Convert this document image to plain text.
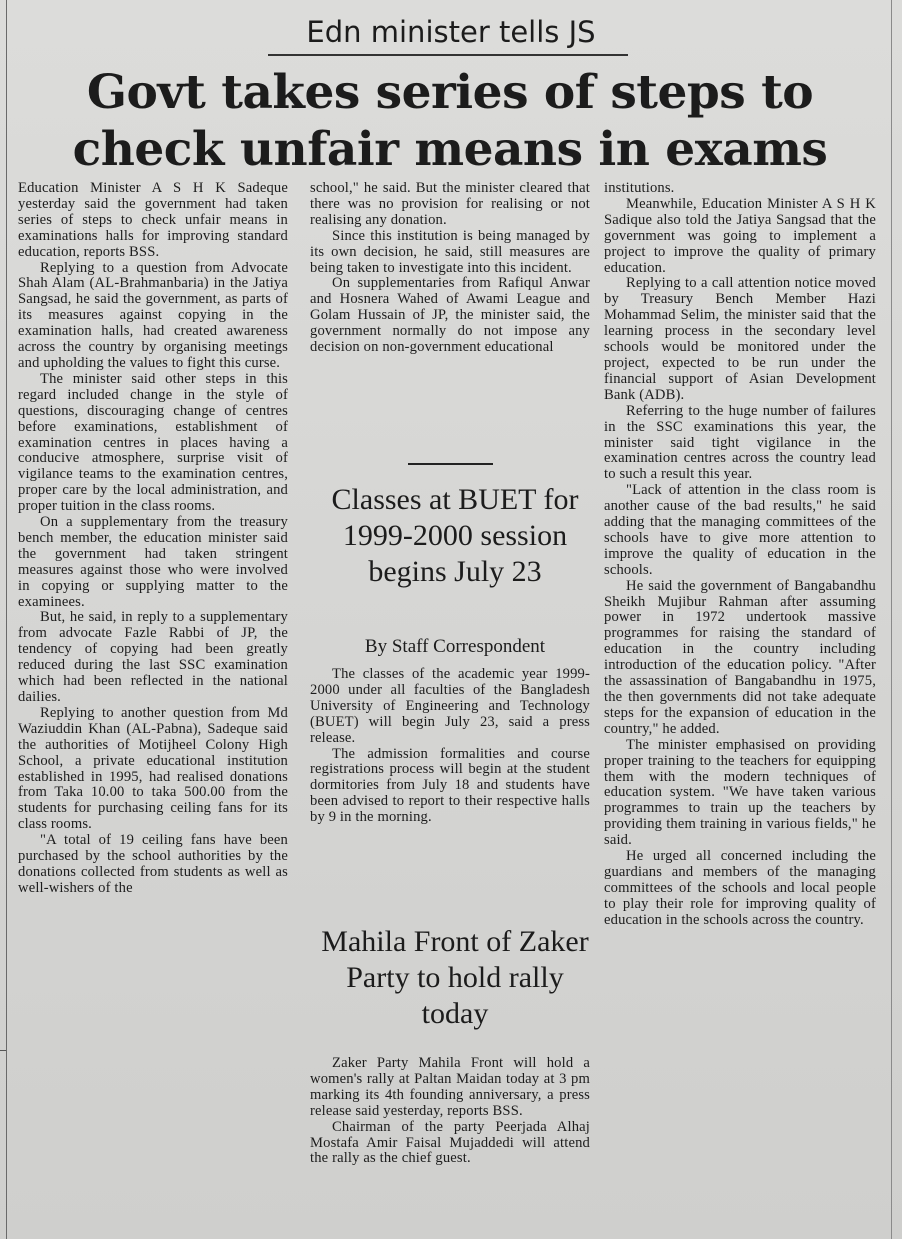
Edn minister tells JS
Govt takes series of steps to check unfair means in exams

Education Minister A S H K Sadeque yesterday said the government had taken series of steps to check unfair means in examinations halls for improving standard education, reports BSS.

Replying to a question from Advocate Shah Alam (AL-Brahmanbaria) in the Jatiya Sangsad, he said the government, as parts of its measures against copying in the examination halls, had created awareness across the country by organising meetings and upholding the values to fight this curse.

The minister said other steps in this regard included change in the style of questions, discouraging change of centres before examinations, establishment of examination centres in places having a conducive atmosphere, surprise visit of vigilance teams to the examination centres, proper care by the local administration, and proper tuition in the class rooms.

On a supplementary from the treasury bench member, the education minister said the government had taken stringent measures against those who were involved in copying or supplying matter to the examinees.

But, he said, in reply to a supplementary from advocate Fazle Rabbi of JP, the tendency of copying had been greatly reduced during the last SSC examination which had been reflected in the national dailies.

Replying to another question from Md Waziuddin Khan (AL-Pabna), Sadeque said the authorities of Motijheel Colony High School, a private educational institution established in 1995, had realised donations from Taka 10.00 to taka 500.00 from the students for purchasing ceiling fans for its class rooms.

"A total of 19 ceiling fans have been purchased by the school authorities by the donations collected from students as well as well-wishers of the

school," he said. But the minister cleared that there was no provision for realising or not realising any donation.

Since this institution is being managed by its own decision, he said, still measures are being taken to investigate into this incident.

On supplementaries from Rafiqul Anwar and Hosnera Wahed of Awami League and Golam Hussain of JP, the minister said, the government normally do not impose any decision on non-government educational

Classes at BUET for 1999-2000 session begins July 23
By Staff Correspondent

The classes of the academic year 1999-2000 under all faculties of the Bangladesh University of Engineering and Technology (BUET) will begin July 23, said a press release.

The admission formalities and course registrations process will begin at the student dormitories from July 18 and students have been advised to report to their respective halls by 9 in the morning.

Mahila Front of Zaker Party to hold rally today

Zaker Party Mahila Front will hold a women's rally at Paltan Maidan today at 3 pm marking its 4th founding anniversary, a press release said yesterday, reports BSS.

Chairman of the party Peerjada Alhaj Mostafa Amir Faisal Mujaddedi will attend the rally as the chief guest.

institutions.

Meanwhile, Education Minister A S H K Sadique also told the Jatiya Sangsad that the government was going to implement a project to improve the quality of primary education.

Replying to a call attention notice moved by Treasury Bench Member Hazi Mohammad Selim, the minister said that the learning process in the secondary level schools would be monitored under the project, expected to be run under the financial support of Asian Development Bank (ADB).

Referring to the huge number of failures in the SSC examinations this year, the minister said tight vigilance in the examination centres across the country lead to such a result this year.

"Lack of attention in the class room is another cause of the bad results," he said adding that the managing committees of the schools have to give more attention to improve the quality of education in the schools.

He said the government of Bangabandhu Sheikh Mujibur Rahman after assuming power in 1972 undertook massive programmes for raising the standard of education in the country including introduction of the education policy. "After the assassination of Bangabandhu in 1975, the then governments did not take adequate steps for the expansion of education in the country," he added.

The minister emphasised on providing proper training to the teachers for equipping them with the modern techniques of education system. "We have taken various programmes to train up the teachers by providing them training in various fields," he said.

He urged all concerned including the guardians and members of the managing committees of the schools and local people to play their role for improving quality of education in the schools across the country.
